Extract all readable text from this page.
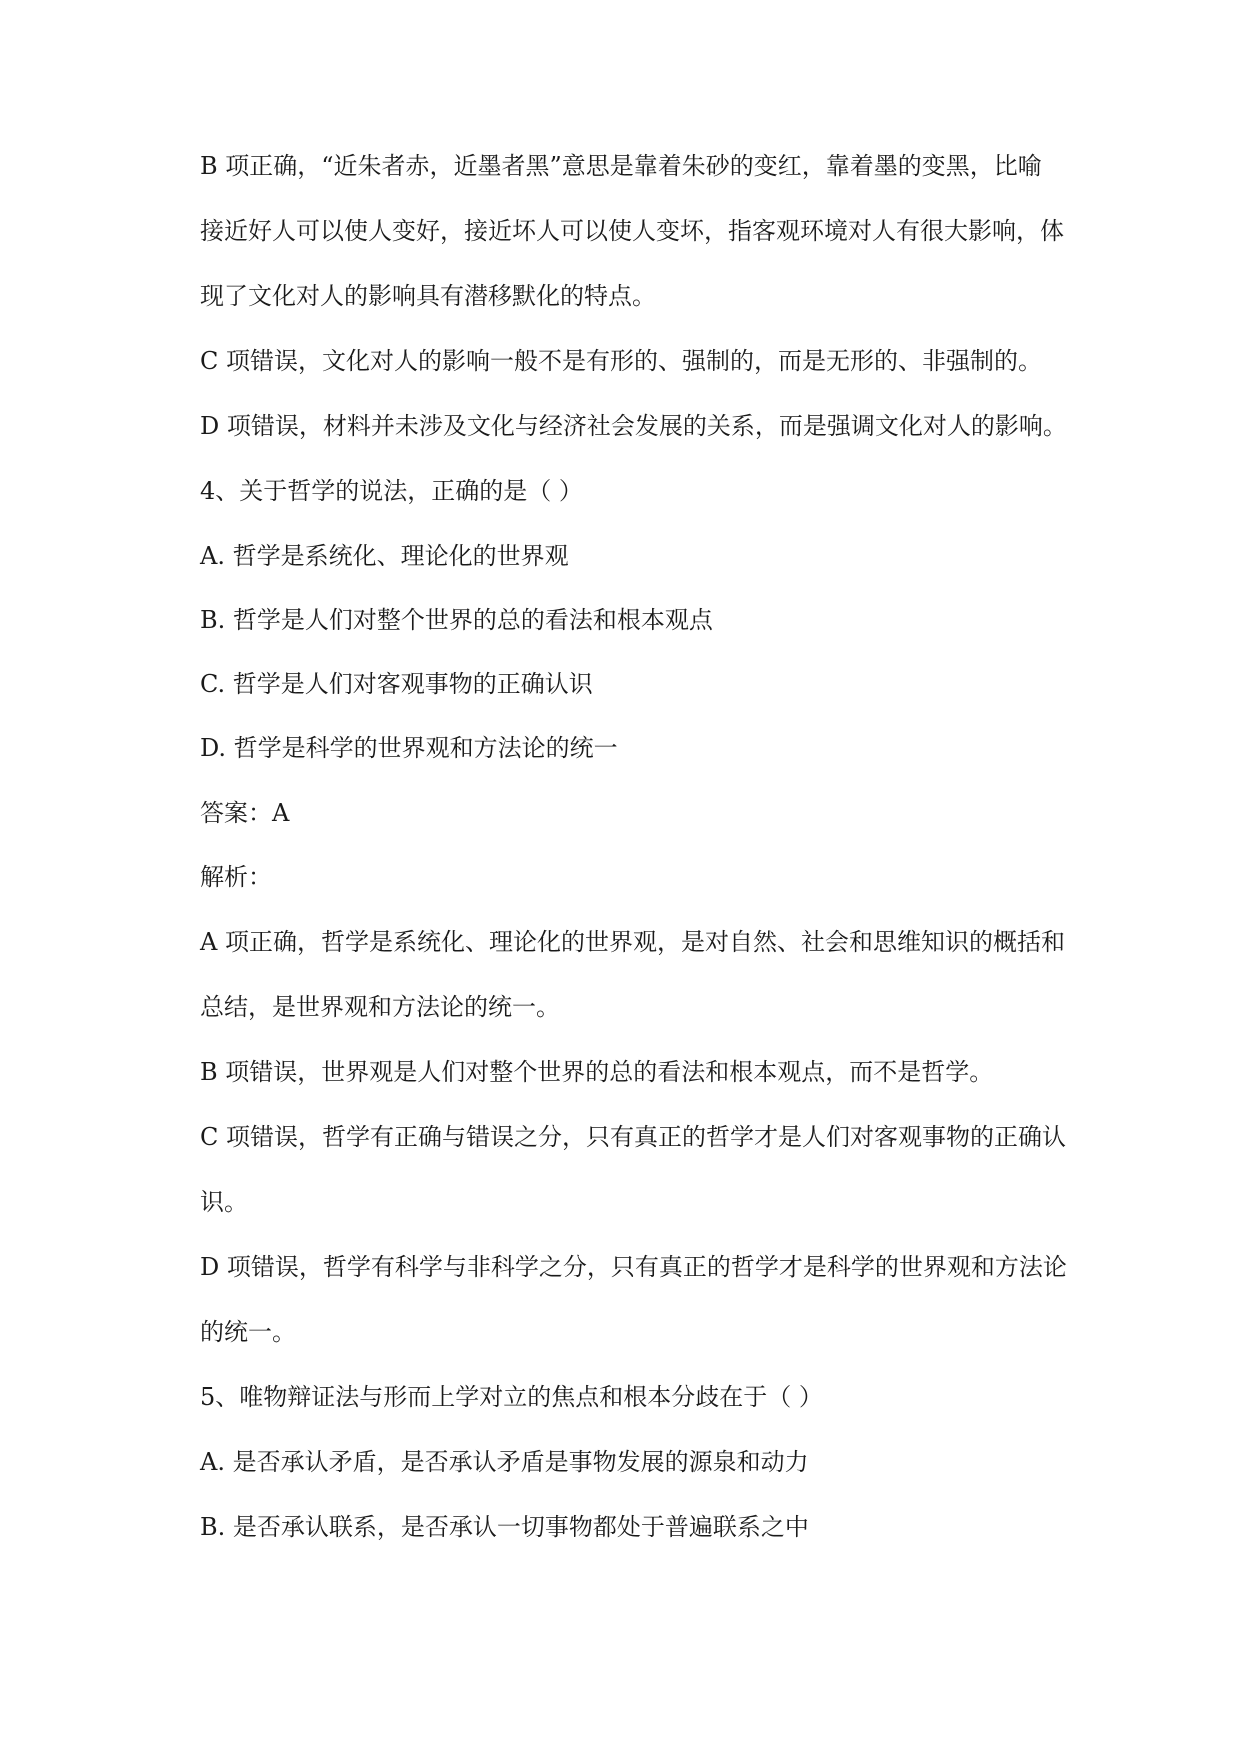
B 项正确，“近朱者赤，近墨者黑”意思是靠着朱砂的变红，靠着墨的变黑，比喻
接近好人可以使人变好，接近坏人可以使人变坏，指客观环境对人有很大影响，体
现了文化对人的影响具有潜移默化的特点。
C 项错误，文化对人的影响一般不是有形的、强制的，而是无形的、非强制的。
D 项错误，材料并未涉及文化与经济社会发展的关系，而是强调文化对人的影响。
4、关于哲学的说法，正确的是（ ）
A. 哲学是系统化、理论化的世界观
B. 哲学是人们对整个世界的总的看法和根本观点
C. 哲学是人们对客观事物的正确认识
D. 哲学是科学的世界观和方法论的统一
答案：A
解析：
A 项正确，哲学是系统化、理论化的世界观，是对自然、社会和思维知识的概括和
总结，是世界观和方法论的统一。
B 项错误，世界观是人们对整个世界的总的看法和根本观点，而不是哲学。
C 项错误，哲学有正确与错误之分，只有真正的哲学才是人们对客观事物的正确认
识。
D 项错误，哲学有科学与非科学之分，只有真正的哲学才是科学的世界观和方法论
的统一。
5、唯物辩证法与形而上学对立的焦点和根本分歧在于（ ）
A. 是否承认矛盾，是否承认矛盾是事物发展的源泉和动力
B. 是否承认联系，是否承认一切事物都处于普遍联系之中
